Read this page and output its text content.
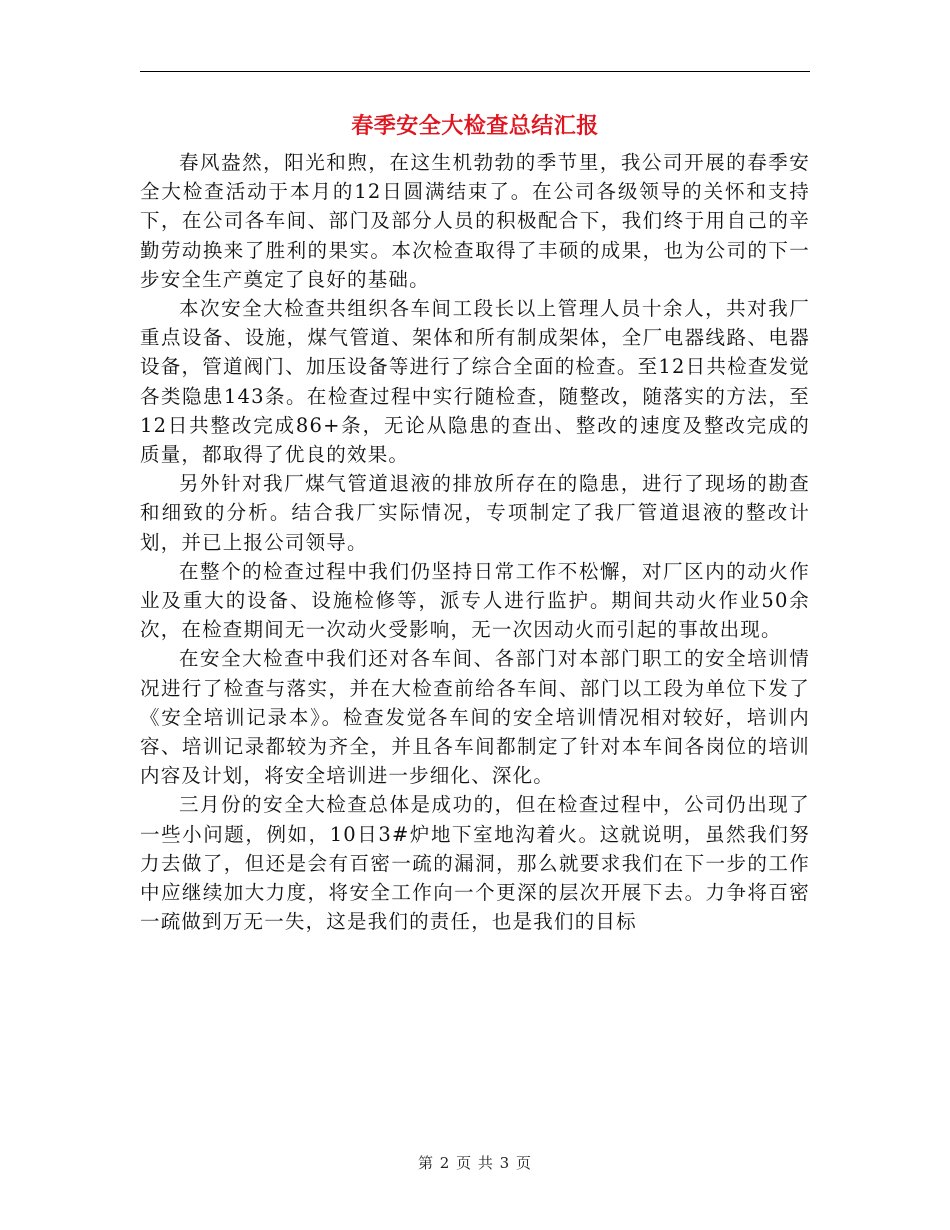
春季安全大检查总结汇报

春风盎然，阳光和煦，在这生机勃勃的季节里，我公司开展的春季安全大检查活动于本月的12日圆满结束了。在公司各级领导的关怀和支持下，在公司各车间、部门及部分人员的积极配合下，我们终于用自己的辛勤劳动换来了胜利的果实。本次检查取得了丰硕的成果，也为公司的下一步安全生产奠定了良好的基础。

本次安全大检查共组织各车间工段长以上管理人员十余人，共对我厂重点设备、设施，煤气管道、架体和所有制成架体，全厂电器线路、电器设备，管道阀门、加压设备等进行了综合全面的检查。至12日共检查发觉各类隐患143条。在检查过程中实行随检查，随整改，随落实的方法，至12日共整改完成86+条，无论从隐患的查出、整改的速度及整改完成的质量，都取得了优良的效果。

另外针对我厂煤气管道退液的排放所存在的隐患，进行了现场的勘查和细致的分析。结合我厂实际情况，专项制定了我厂管道退液的整改计划，并已上报公司领导。

在整个的检查过程中我们仍坚持日常工作不松懈，对厂区内的动火作业及重大的设备、设施检修等，派专人进行监护。期间共动火作业50余次，在检查期间无一次动火受影响，无一次因动火而引起的事故出现。

在安全大检查中我们还对各车间、各部门对本部门职工的安全培训情况进行了检查与落实，并在大检查前给各车间、部门以工段为单位下发了《安全培训记录本》。检查发觉各车间的安全培训情况相对较好，培训内容、培训记录都较为齐全，并且各车间都制定了针对本车间各岗位的培训内容及计划，将安全培训进一步细化、深化。

三月份的安全大检查总体是成功的，但在检查过程中，公司仍出现了一些小问题，例如，10日3#炉地下室地沟着火。这就说明，虽然我们努力去做了，但还是会有百密一疏的漏洞，那么就要求我们在下一步的工作中应继续加大力度，将安全工作向一个更深的层次开展下去。力争将百密一疏做到万无一失，这是我们的责任，也是我们的目标

第 2 页 共 3 页
